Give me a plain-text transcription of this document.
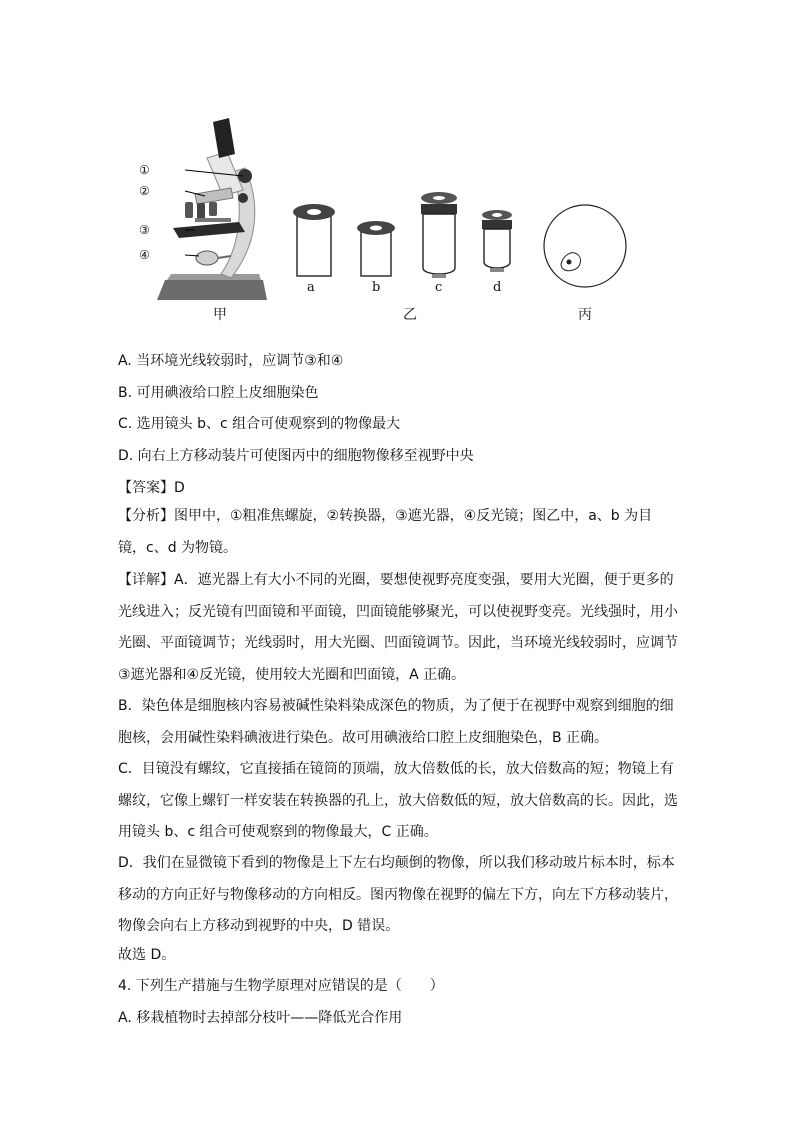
①
②
③
④
a	b	c	d
甲	乙	丙
A. 当环境光线较弱时，应调节③和④
B. 可用碘液给口腔上皮细胞染色
C. 选用镜头 b、c 组合可使观察到的物像最大
D. 向右上方移动装片可使图丙中的细胞物像移至视野中央
【答案】D
【分析】图甲中，①粗准焦螺旋，②转换器，③遮光器，④反光镜；图乙中，a、b 为目镜，c、d 为物镜。
【详解】A．遮光器上有大小不同的光圈，要想使视野亮度变强，要用大光圈，便于更多的光线进入；反光镜有凹面镜和平面镜，凹面镜能够聚光，可以使视野变亮。光线强时，用小光圈、平面镜调节；光线弱时，用大光圈、凹面镜调节。因此，当环境光线较弱时，应调节③遮光器和④反光镜，使用较大光圈和凹面镜，A 正确。
B．染色体是细胞核内容易被碱性染料染成深色的物质，为了便于在视野中观察到细胞的细胞核，会用碱性染料碘液进行染色。故可用碘液给口腔上皮细胞染色，B 正确。
C．目镜没有螺纹，它直接插在镜筒的顶端，放大倍数低的长，放大倍数高的短；物镜上有螺纹，它像上螺钉一样安装在转换器的孔上，放大倍数低的短，放大倍数高的长。因此，选用镜头 b、c 组合可使观察到的物像最大，C 正确。
D．我们在显微镜下看到的物像是上下左右均颠倒的物像，所以我们移动玻片标本时，标本移动的方向正好与物像移动的方向相反。图丙物像在视野的偏左下方，向左下方移动装片，物像会向右上方移动到视野的中央，D 错误。
故选 D。
4. 下列生产措施与生物学原理对应错误的是（　　）
A. 移栽植物时去掉部分枝叶——降低光合作用
